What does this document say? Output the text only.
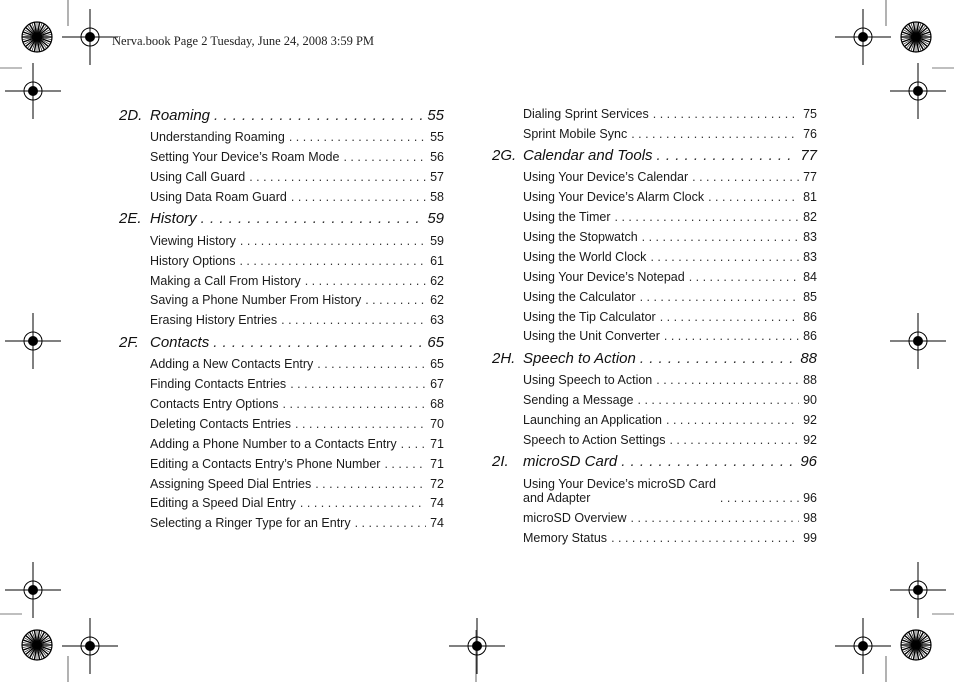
Nerva.book Page 2 Tuesday, June 24, 2008 3:59 PM
2D. Roaming . . .	55
Understanding Roaming . . .	55
Setting Your Device’s Roam Mode . . .	56
Using Call Guard . . .	57
Using Data Roam Guard . . .	58
2E. History . . .	59
Viewing History . . .	59
History Options . . .	61
Making a Call From History . . .	62
Saving a Phone Number From History . . .	62
Erasing History Entries . . .	63
2F. Contacts . . .	65
Adding a New Contacts Entry . . .	65
Finding Contacts Entries . . .	67
Contacts Entry Options . . .	68
Deleting Contacts Entries . . .	70
Adding a Phone Number to a Contacts Entry . . .	71
Editing a Contacts Entry’s Phone Number . . .	71
Assigning Speed Dial Entries . . .	72
Editing a Speed Dial Entry . . .	74
Selecting a Ringer Type for an Entry . . .	74
Dialing Sprint Services . . .	75
Sprint Mobile Sync . . .	76
2G. Calendar and Tools . . .	77
Using Your Device’s Calendar . . .	77
Using Your Device’s Alarm Clock . . .	81
Using the Timer . . .	82
Using the Stopwatch . . .	83
Using the World Clock . . .	83
Using Your Device’s Notepad . . .	84
Using the Calculator . . .	85
Using the Tip Calculator . . .	86
Using the Unit Converter . . .	86
2H. Speech to Action . . .	88
Using Speech to Action . . .	88
Sending a Message . . .	90
Launching an Application . . .	92
Speech to Action Settings . . .	92
2I. microSD Card . . .	96
Using Your Device’s microSD Card
and Adapter . . .	96
microSD Overview . . .	98
Memory Status . . .	99
